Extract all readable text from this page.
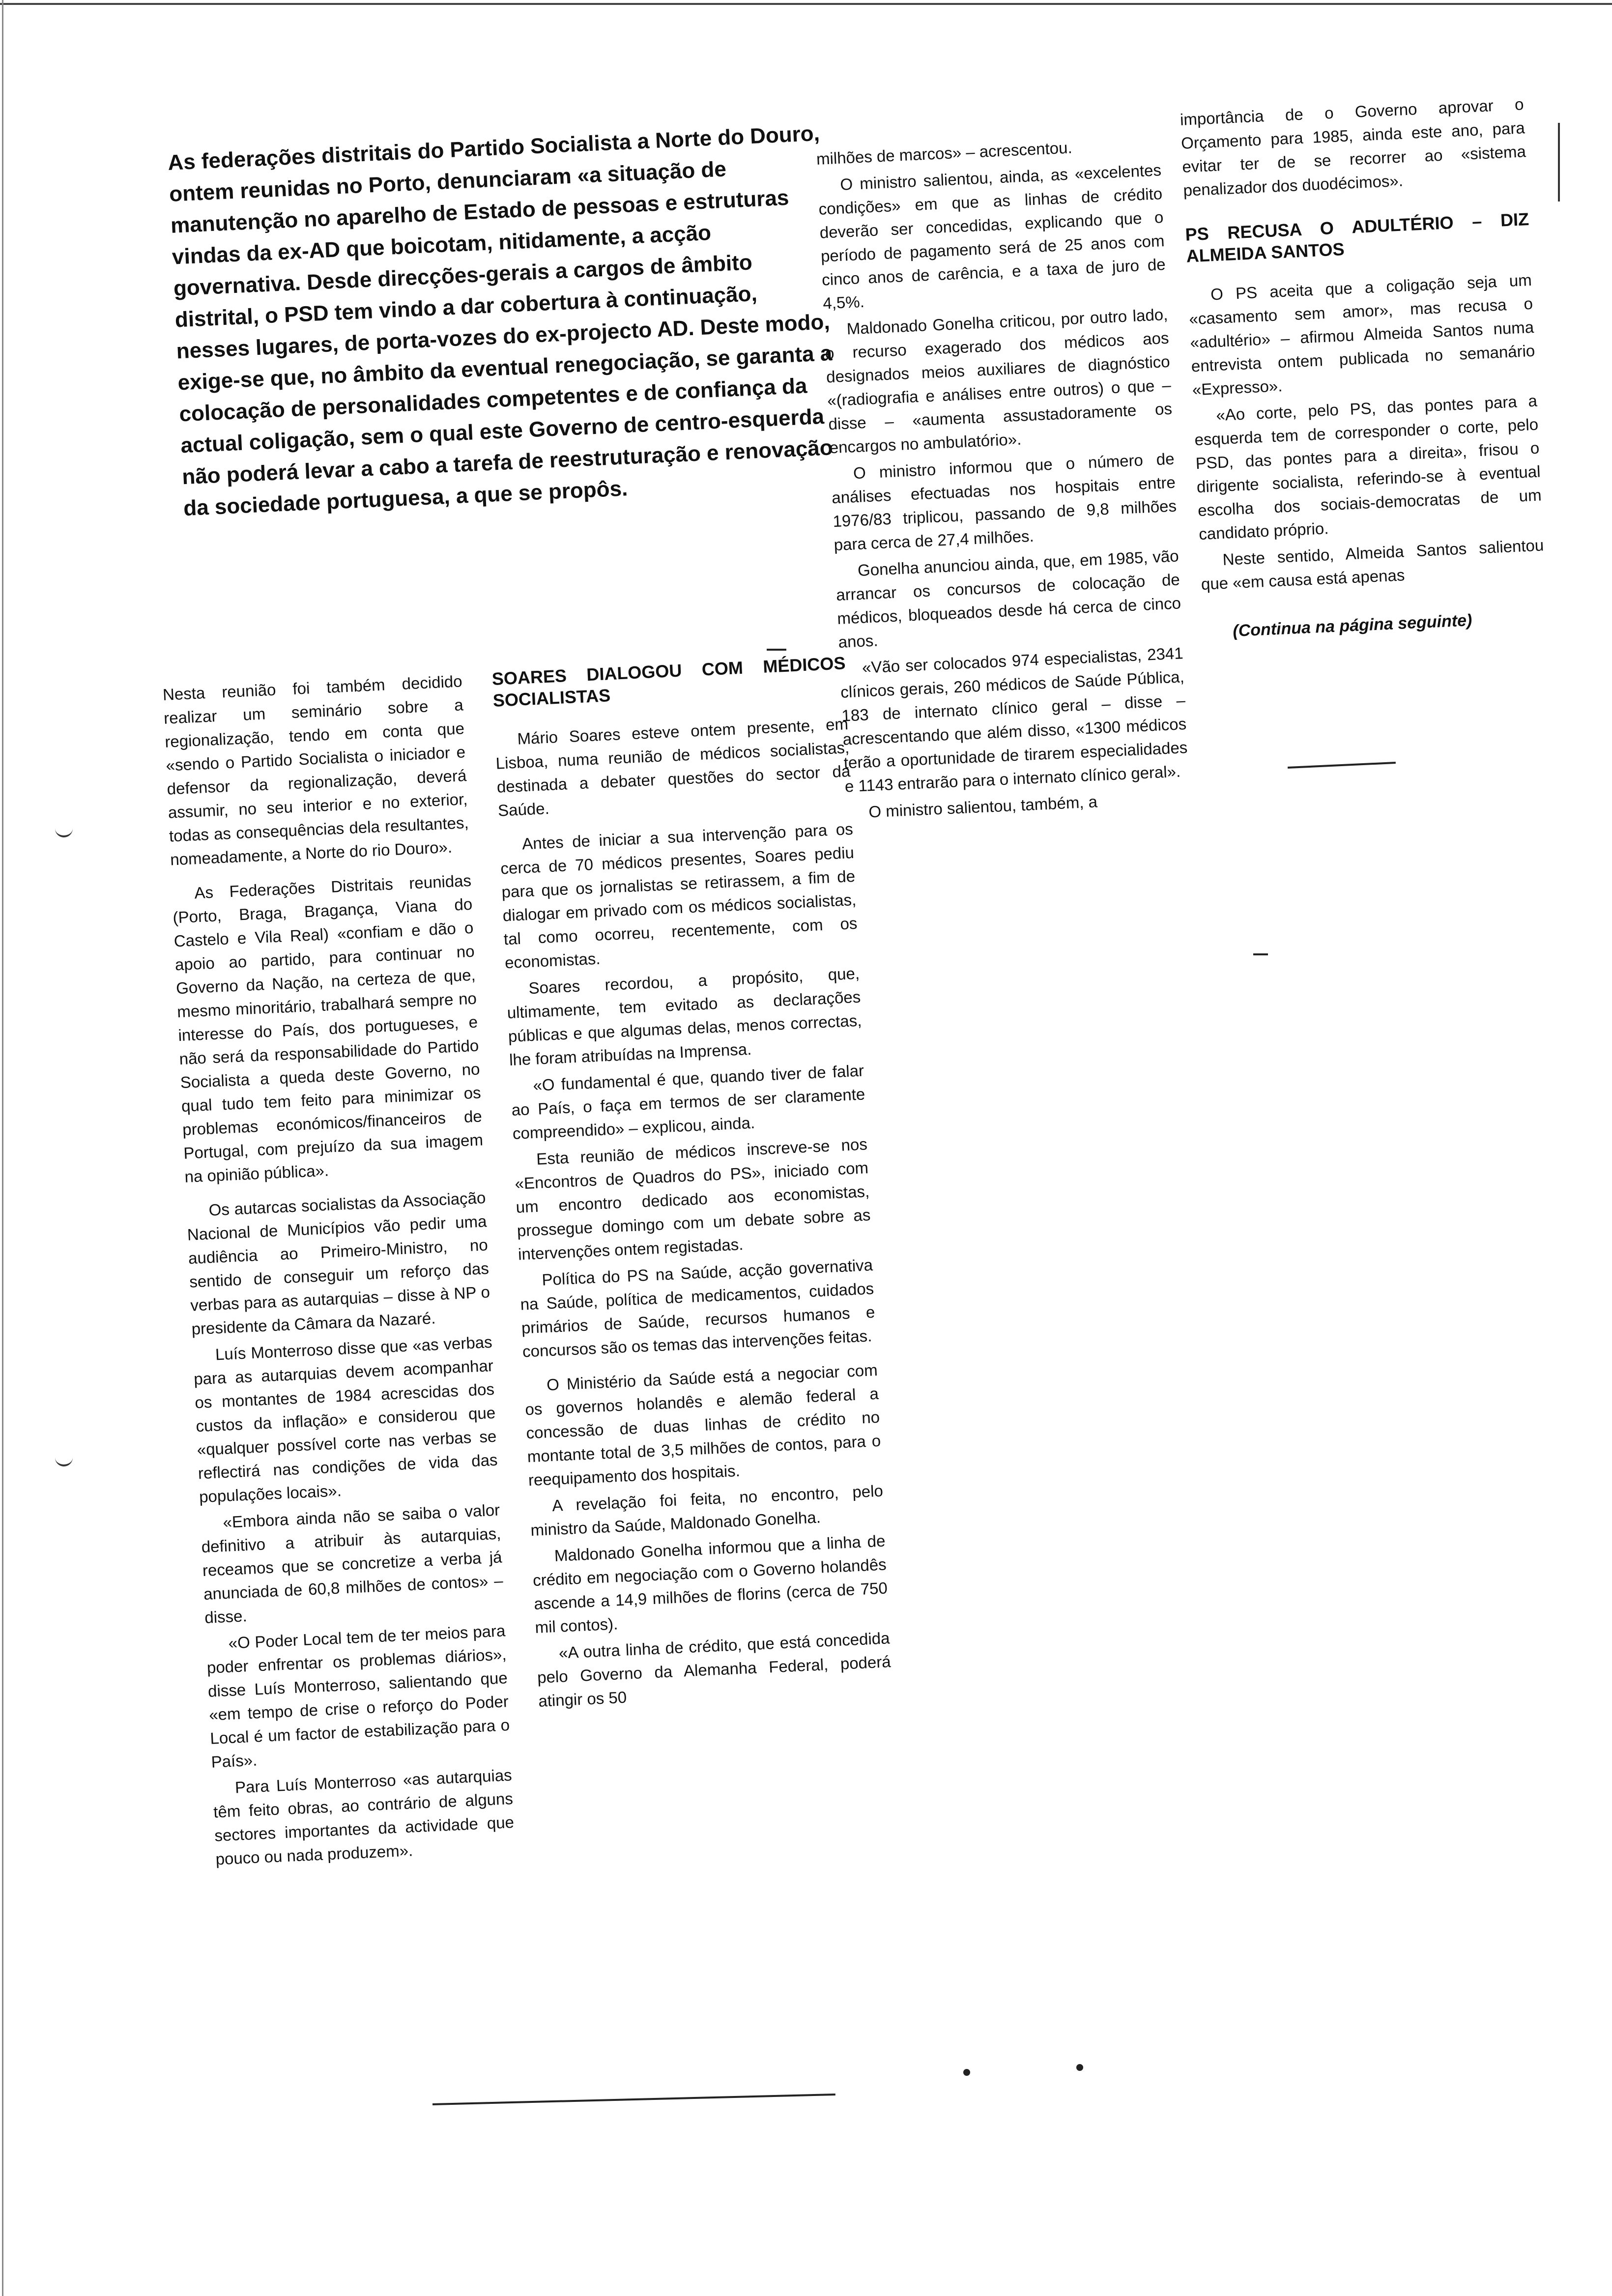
As federações distritais do Partido Socialista a Norte do Douro, ontem reunidas no Porto, denunciaram «a situação de manutenção no aparelho de Estado de pessoas e estruturas vindas da ex-AD que boicotam, nitidamente, a acção governativa. Desde direcções-gerais a cargos de âmbito distrital, o PSD tem vindo a dar cobertura à continuação, nesses lugares, de porta-vozes do ex-projecto AD. Deste modo, exige-se que, no âmbito da eventual renegociação, se garanta a colocação de personalidades competentes e de confiança da actual coligação, sem o qual este Governo de centro-esquerda não poderá levar a cabo a tarefa de reestruturação e renovação da sociedade portuguesa, a que se propôs.

Nesta reunião foi também decidido realizar um seminário sobre a regionalização, tendo em conta que «sendo o Partido Socialista o iniciador e defensor da regionalização, deverá assumir, no seu interior e no exterior, todas as consequências dela resultantes, nomeadamente, a Norte do rio Douro».

As Federações Distritais reunidas (Porto, Braga, Bragança, Viana do Castelo e Vila Real) «confiam e dão o apoio ao partido, para continuar no Governo da Nação, na certeza de que, mesmo minoritário, trabalhará sempre no interesse do País, dos portugueses, e não será da responsabilidade do Partido Socialista a queda deste Governo, no qual tudo tem feito para minimizar os problemas económicos/financeiros de Portugal, com prejuízo da sua imagem na opinião pública».

Os autarcas socialistas da Associação Nacional de Municípios vão pedir uma audiência ao Primeiro-Ministro, no sentido de conseguir um reforço das verbas para as autarquias – disse à NP o presidente da Câmara da Nazaré.

Luís Monterroso disse que «as verbas para as autarquias devem acompanhar os montantes de 1984 acrescidas dos custos da inflação» e considerou que «qualquer possível corte nas verbas se reflectirá nas condições de vida das populações locais».

«Embora ainda não se saiba o valor definitivo a atribuir às autarquias, receamos que se concretize a verba já anunciada de 60,8 milhões de contos» – disse.

«O Poder Local tem de ter meios para poder enfrentar os problemas diários», disse Luís Monterroso, salientando que «em tempo de crise o reforço do Poder Local é um factor de estabilização para o País».

Para Luís Monterroso «as autarquias têm feito obras, ao contrário de alguns sectores importantes da actividade que pouco ou nada produzem».

SOARES DIALOGOU COM MÉDICOS SOCIALISTAS

Mário Soares esteve ontem presente, em Lisboa, numa reunião de médicos socialistas, destinada a debater questões do sector da Saúde.

Antes de iniciar a sua intervenção para os cerca de 70 médicos presentes, Soares pediu para que os jornalistas se retirassem, a fim de dialogar em privado com os médicos socialistas, tal como ocorreu, recentemente, com os economistas.

Soares recordou, a propósito, que, ultimamente, tem evitado as declarações públicas e que algumas delas, menos correctas, lhe foram atribuídas na Imprensa.

«O fundamental é que, quando tiver de falar ao País, o faça em termos de ser claramente compreendido» – explicou, ainda.

Esta reunião de médicos inscreve-se nos «Encontros de Quadros do PS», iniciado com um encontro dedicado aos economistas, prossegue domingo com um debate sobre as intervenções ontem registadas.

Política do PS na Saúde, acção governativa na Saúde, política de medicamentos, cuidados primários de Saúde, recursos humanos e concursos são os temas das intervenções feitas.

O Ministério da Saúde está a negociar com os governos holandês e alemão federal a concessão de duas linhas de crédito no montante total de 3,5 milhões de contos, para o reequipamento dos hospitais.

A revelação foi feita, no encontro, pelo ministro da Saúde, Maldonado Gonelha.

Maldonado Gonelha informou que a linha de crédito em negociação com o Governo holandês ascende a 14,9 milhões de florins (cerca de 750 mil contos).

«A outra linha de crédito, que está concedida pelo Governo da Alemanha Federal, poderá atingir os 50

milhões de marcos» – acrescentou.

O ministro salientou, ainda, as «excelentes condições» em que as linhas de crédito deverão ser concedidas, explicando que o período de pagamento será de 25 anos com cinco anos de carência, e a taxa de juro de 4,5%.

Maldonado Gonelha criticou, por outro lado, o recurso exagerado dos médicos aos designados meios auxiliares de diagnóstico «(radiografia e análises entre outros) o que – disse – «aumenta assustadoramente os encargos no ambulatório».

O ministro informou que o número de análises efectuadas nos hospitais entre 1976/83 triplicou, passando de 9,8 milhões para cerca de 27,4 milhões.

Gonelha anunciou ainda, que, em 1985, vão arrancar os concursos de colocação de médicos, bloqueados desde há cerca de cinco anos.

«Vão ser colocados 974 especialistas, 2341 clínicos gerais, 260 médicos de Saúde Pública, 183 de internato clínico geral – disse – acrescentando que além disso, «1300 médicos terão a oportunidade de tirarem especialidades e 1143 entrarão para o internato clínico geral».

O ministro salientou, também, a

importância de o Governo aprovar o Orçamento para 1985, ainda este ano, para evitar ter de se recorrer ao «sistema penalizador dos duodécimos».

PS RECUSA O ADULTÉRIO – DIZ ALMEIDA SANTOS

O PS aceita que a coligação seja um «casamento sem amor», mas recusa o «adultério» – afirmou Almeida Santos numa entrevista ontem publicada no semanário «Expresso».

«Ao corte, pelo PS, das pontes para a esquerda tem de corresponder o corte, pelo PSD, das pontes para a direita», frisou o dirigente socialista, referindo-se à eventual escolha dos sociais-democratas de um candidato próprio.

Neste sentido, Almeida Santos salientou que «em causa está apenas

(Continua na página seguinte)
